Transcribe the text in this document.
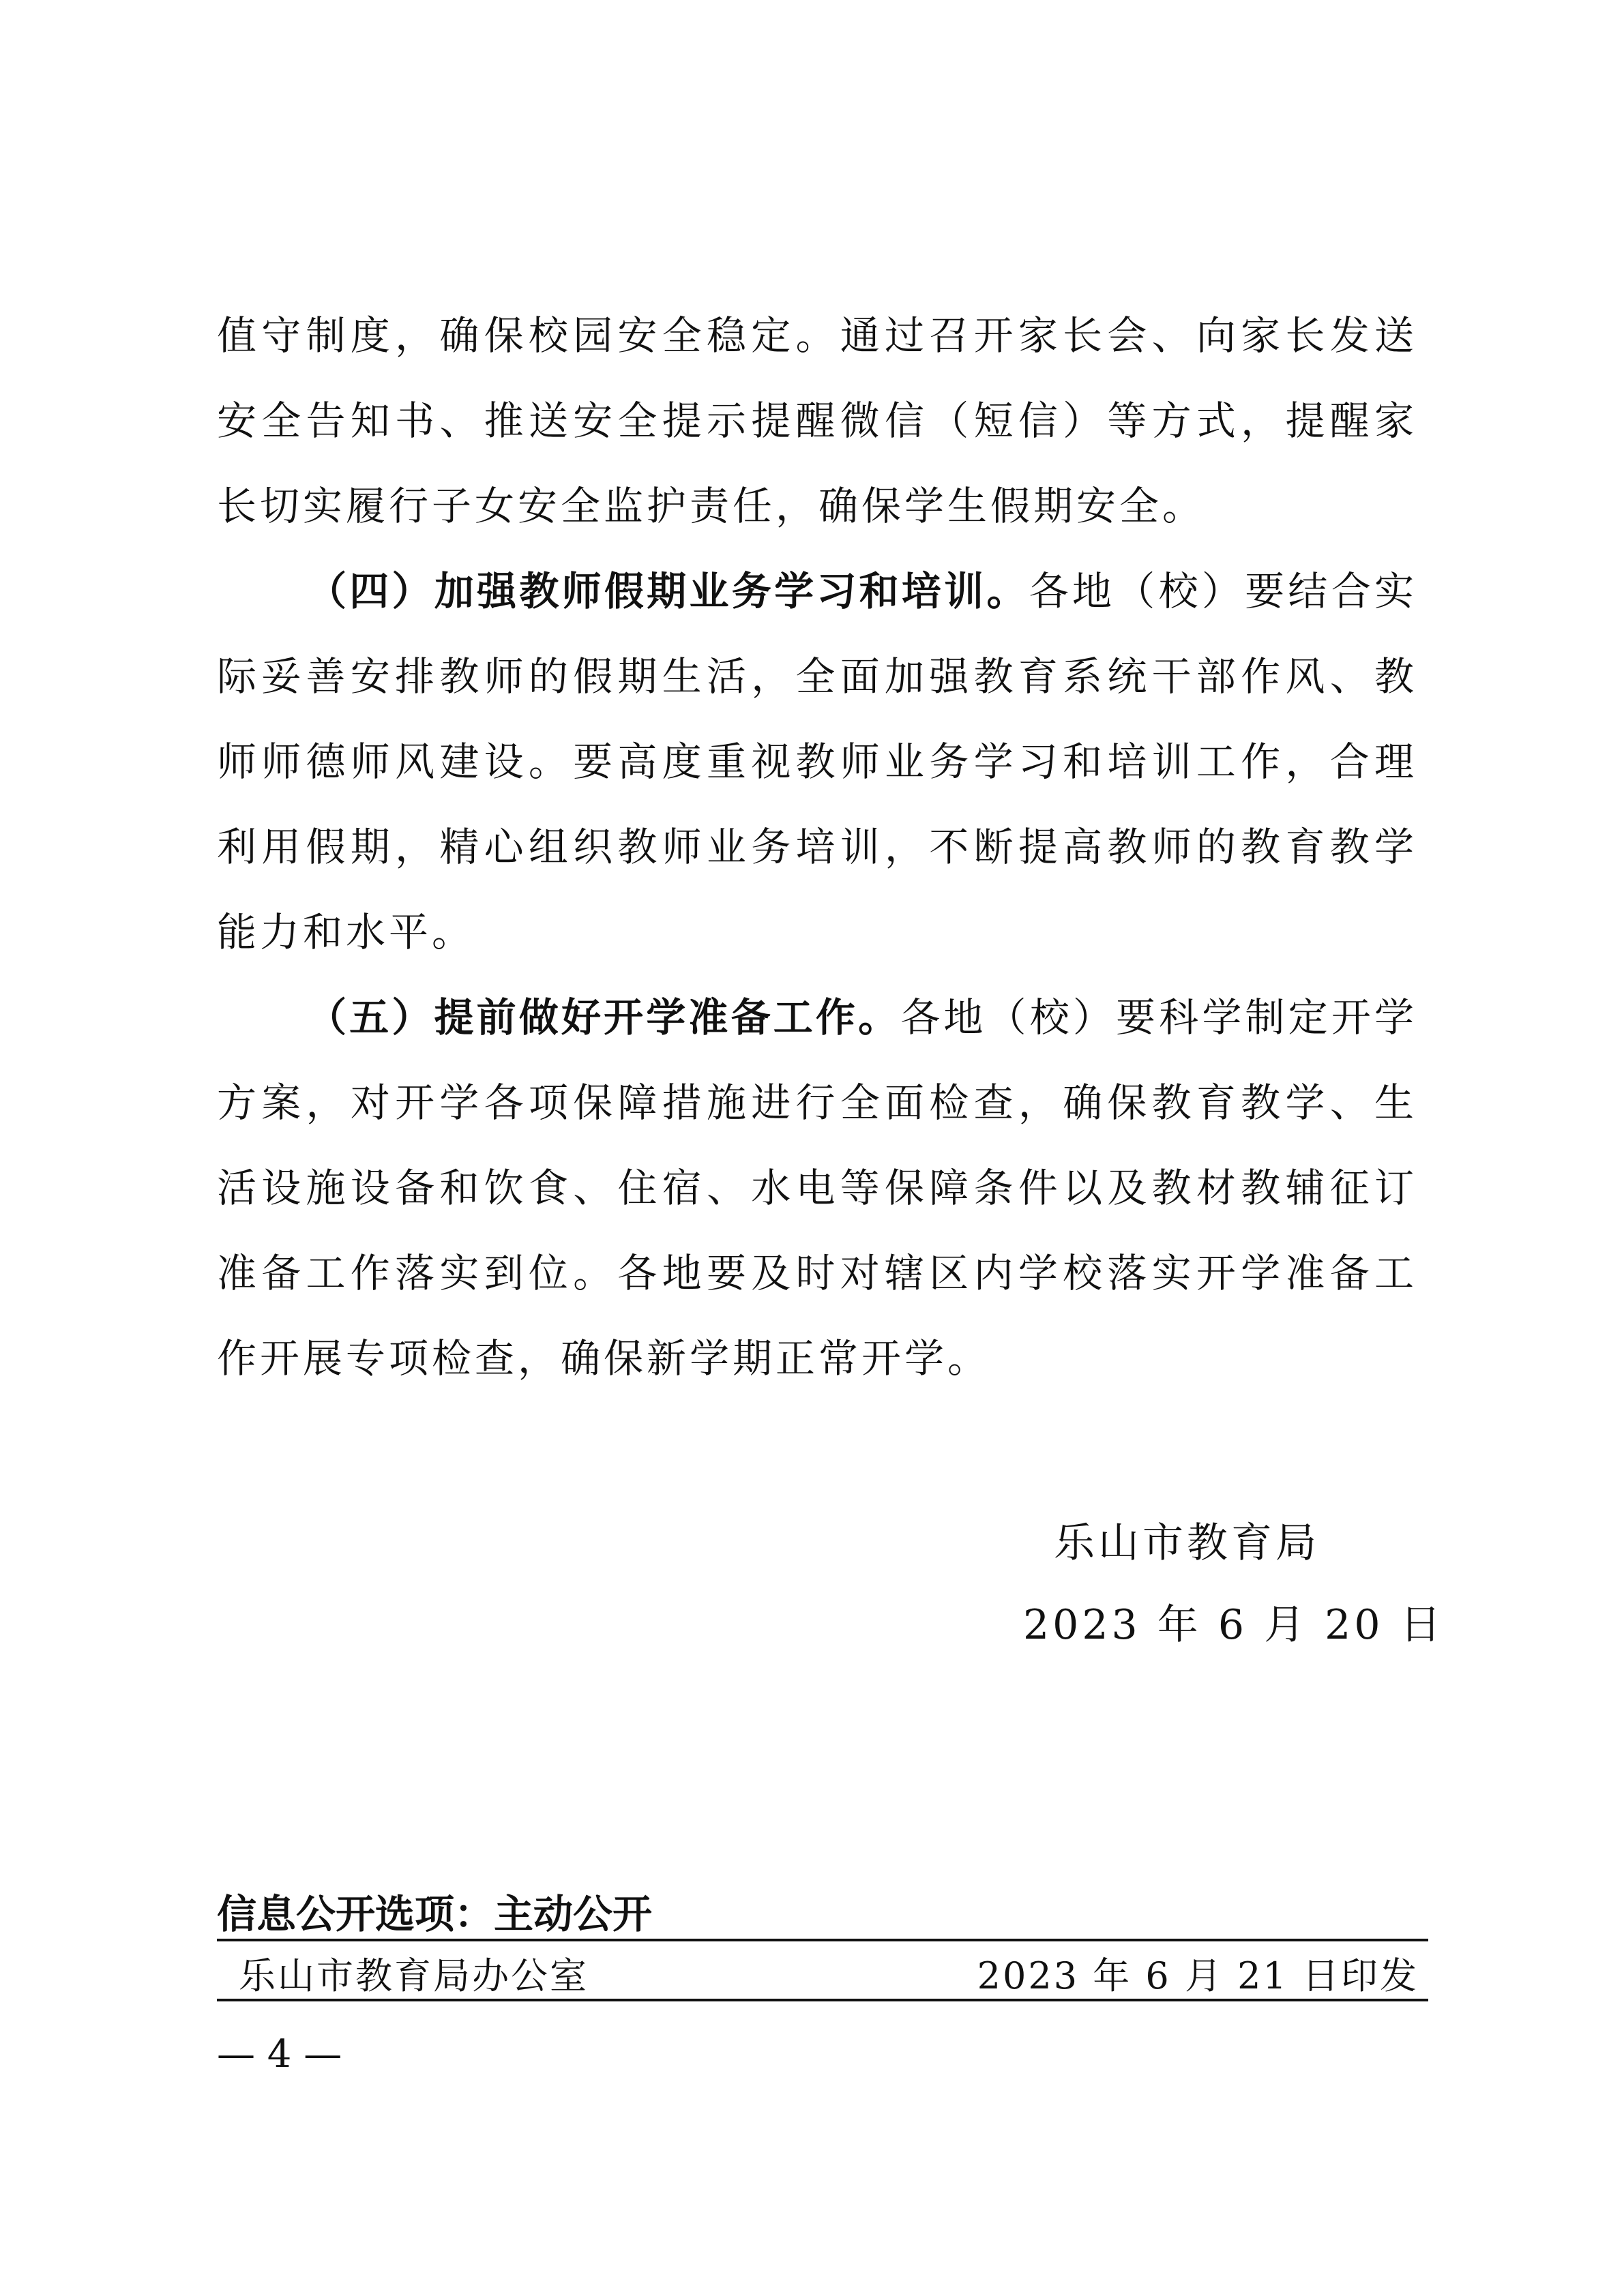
值守制度，确保校园安全稳定。通过召开家长会、向家长发送安全告知书、推送安全提示提醒微信（短信）等方式，提醒家长切实履行子女安全监护责任，确保学生假期安全。

（四）加强教师假期业务学习和培训。各地（校）要结合实际妥善安排教师的假期生活，全面加强教育系统干部作风、教师师德师风建设。要高度重视教师业务学习和培训工作，合理利用假期，精心组织教师业务培训，不断提高教师的教育教学能力和水平。

（五）提前做好开学准备工作。各地（校）要科学制定开学方案，对开学各项保障措施进行全面检查，确保教育教学、生活设施设备和饮食、住宿、水电等保障条件以及教材教辅征订准备工作落实到位。各地要及时对辖区内学校落实开学准备工作开展专项检查，确保新学期正常开学。

乐山市教育局
2023 年 6 月 20 日
信息公开选项：主动公开
乐山市教育局办公室	2023 年 6 月 21 日印发
— 4 —
